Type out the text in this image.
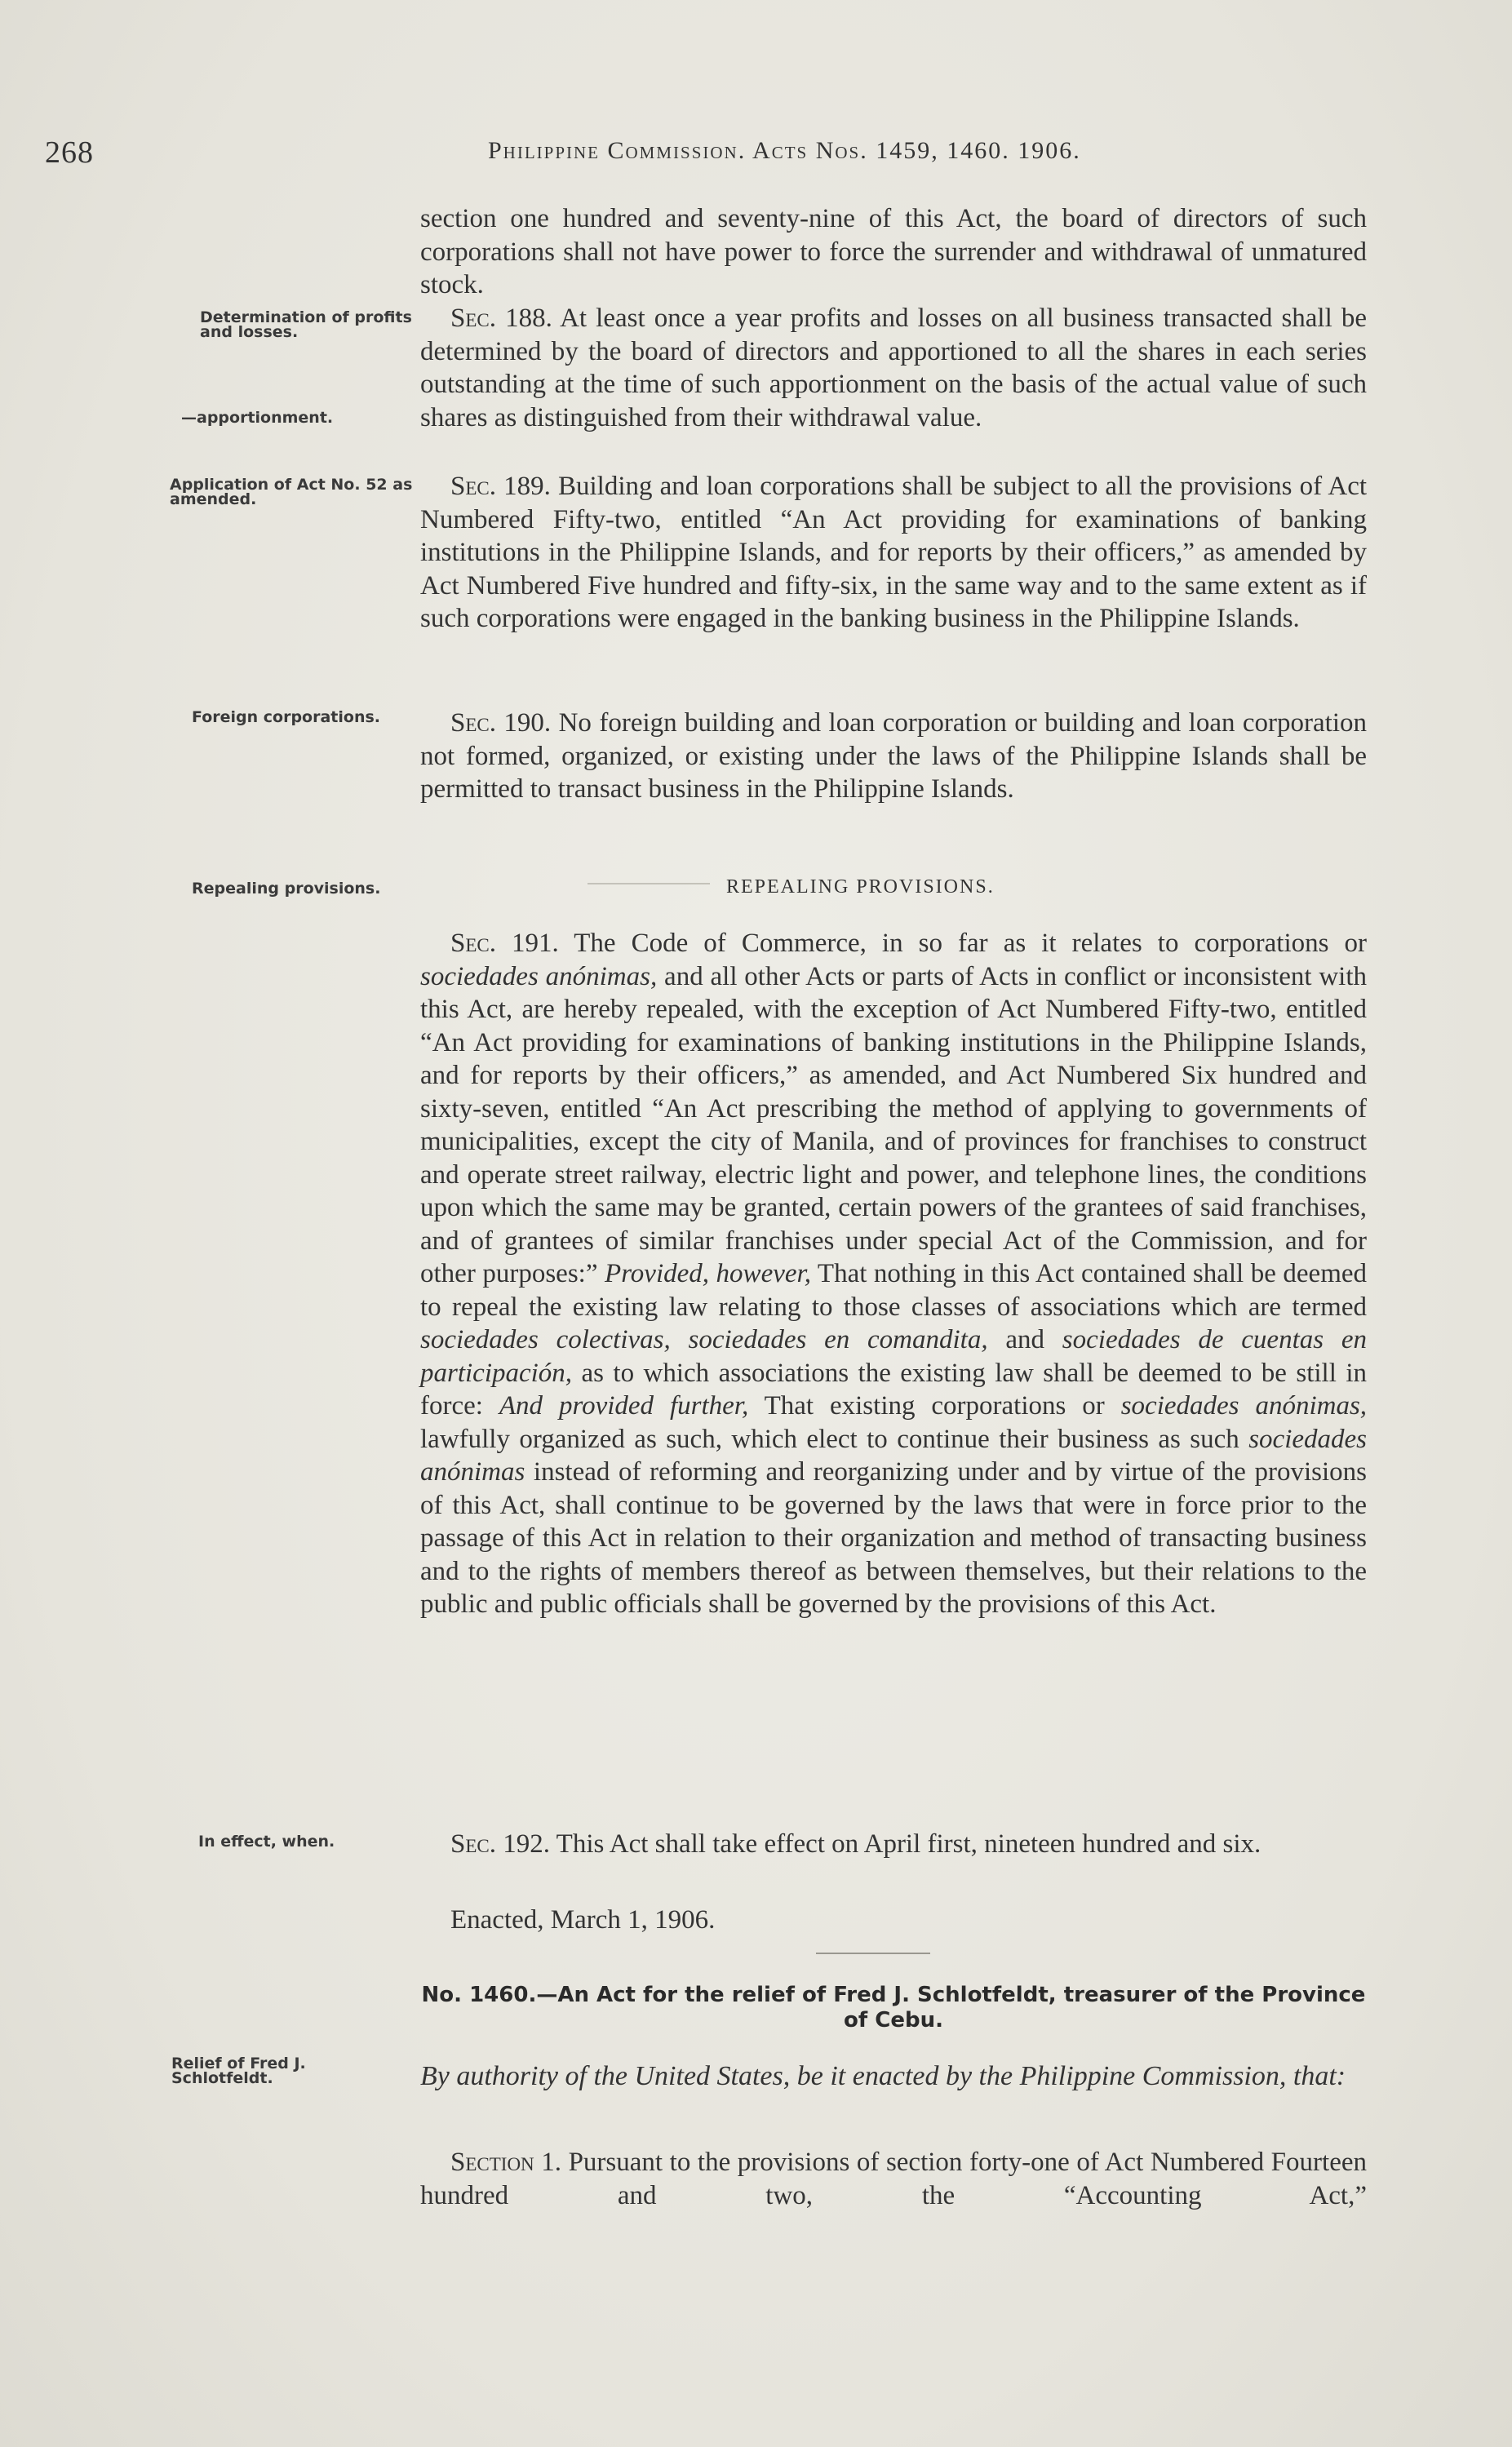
268	Philippine Commission. Acts Nos. 1459, 1460. 1906.
section one hundred and seventy-nine of this Act, the board of directors of such corporations shall not have power to force the surrender and withdrawal of unmatured stock.
Determination of profits and losses.	Sec. 188. At least once a year profits and losses on all business transacted shall be determined by the board of directors and apportioned to all the shares in each series outstanding at the time of such apportionment on the basis of the actual value of such shares as distinguished from their withdrawal value.
—apportionment.
Application of Act No. 52 as amended.	Sec. 189. Building and loan corporations shall be subject to all the provisions of Act Numbered Fifty-two, entitled “An Act providing for examinations of banking institutions in the Philippine Islands, and for reports by their officers,” as amended by Act Numbered Five hundred and fifty-six, in the same way and to the same extent as if such corporations were engaged in the banking business in the Philippine Islands.
Foreign corporations.	Sec. 190. No foreign building and loan corporation or building and loan corporation not formed, organized, or existing under the laws of the Philippine Islands shall be permitted to transact business in the Philippine Islands.
Repealing provisions.	REPEALING PROVISIONS.
Sec. 191. The Code of Commerce, in so far as it relates to corporations or sociedades anónimas, and all other Acts or parts of Acts in conflict or inconsistent with this Act, are hereby repealed, with the exception of Act Numbered Fifty-two, entitled “An Act providing for examinations of banking institutions in the Philippine Islands, and for reports by their officers,” as amended, and Act Numbered Six hundred and sixty-seven, entitled “An Act prescribing the method of applying to governments of municipalities, except the city of Manila, and of provinces for franchises to construct and operate street railway, electric light and power, and telephone lines, the conditions upon which the same may be granted, certain powers of the grantees of said franchises, and of grantees of similar franchises under special Act of the Commission, and for other purposes:” Provided, however, That nothing in this Act contained shall be deemed to repeal the existing law relating to those classes of associations which are termed sociedades colectivas, sociedades en comandita, and sociedades de cuentas en participación, as to which associations the existing law shall be deemed to be still in force: And provided further, That existing corporations or sociedades anónimas, lawfully organized as such, which elect to continue their business as such sociedades anónimas instead of reforming and reorganizing under and by virtue of the provisions of this Act, shall continue to be governed by the laws that were in force prior to the passage of this Act in relation to their organization and method of transacting business and to the rights of members thereof as between themselves, but their relations to the public and public officials shall be governed by the provisions of this Act.
In effect, when.	Sec. 192. This Act shall take effect on April first, nineteen hundred and six.
Enacted, March 1, 1906.
No. 1460.—An Act for the relief of Fred J. Schlotfeldt, treasurer of the Province of Cebu.
Relief of Fred J. Schlotfeldt.	By authority of the United States, be it enacted by the Philippine Commission, that:
Section 1. Pursuant to the provisions of section forty-one of Act Numbered Fourteen hundred and two, the “Accounting Act,”
